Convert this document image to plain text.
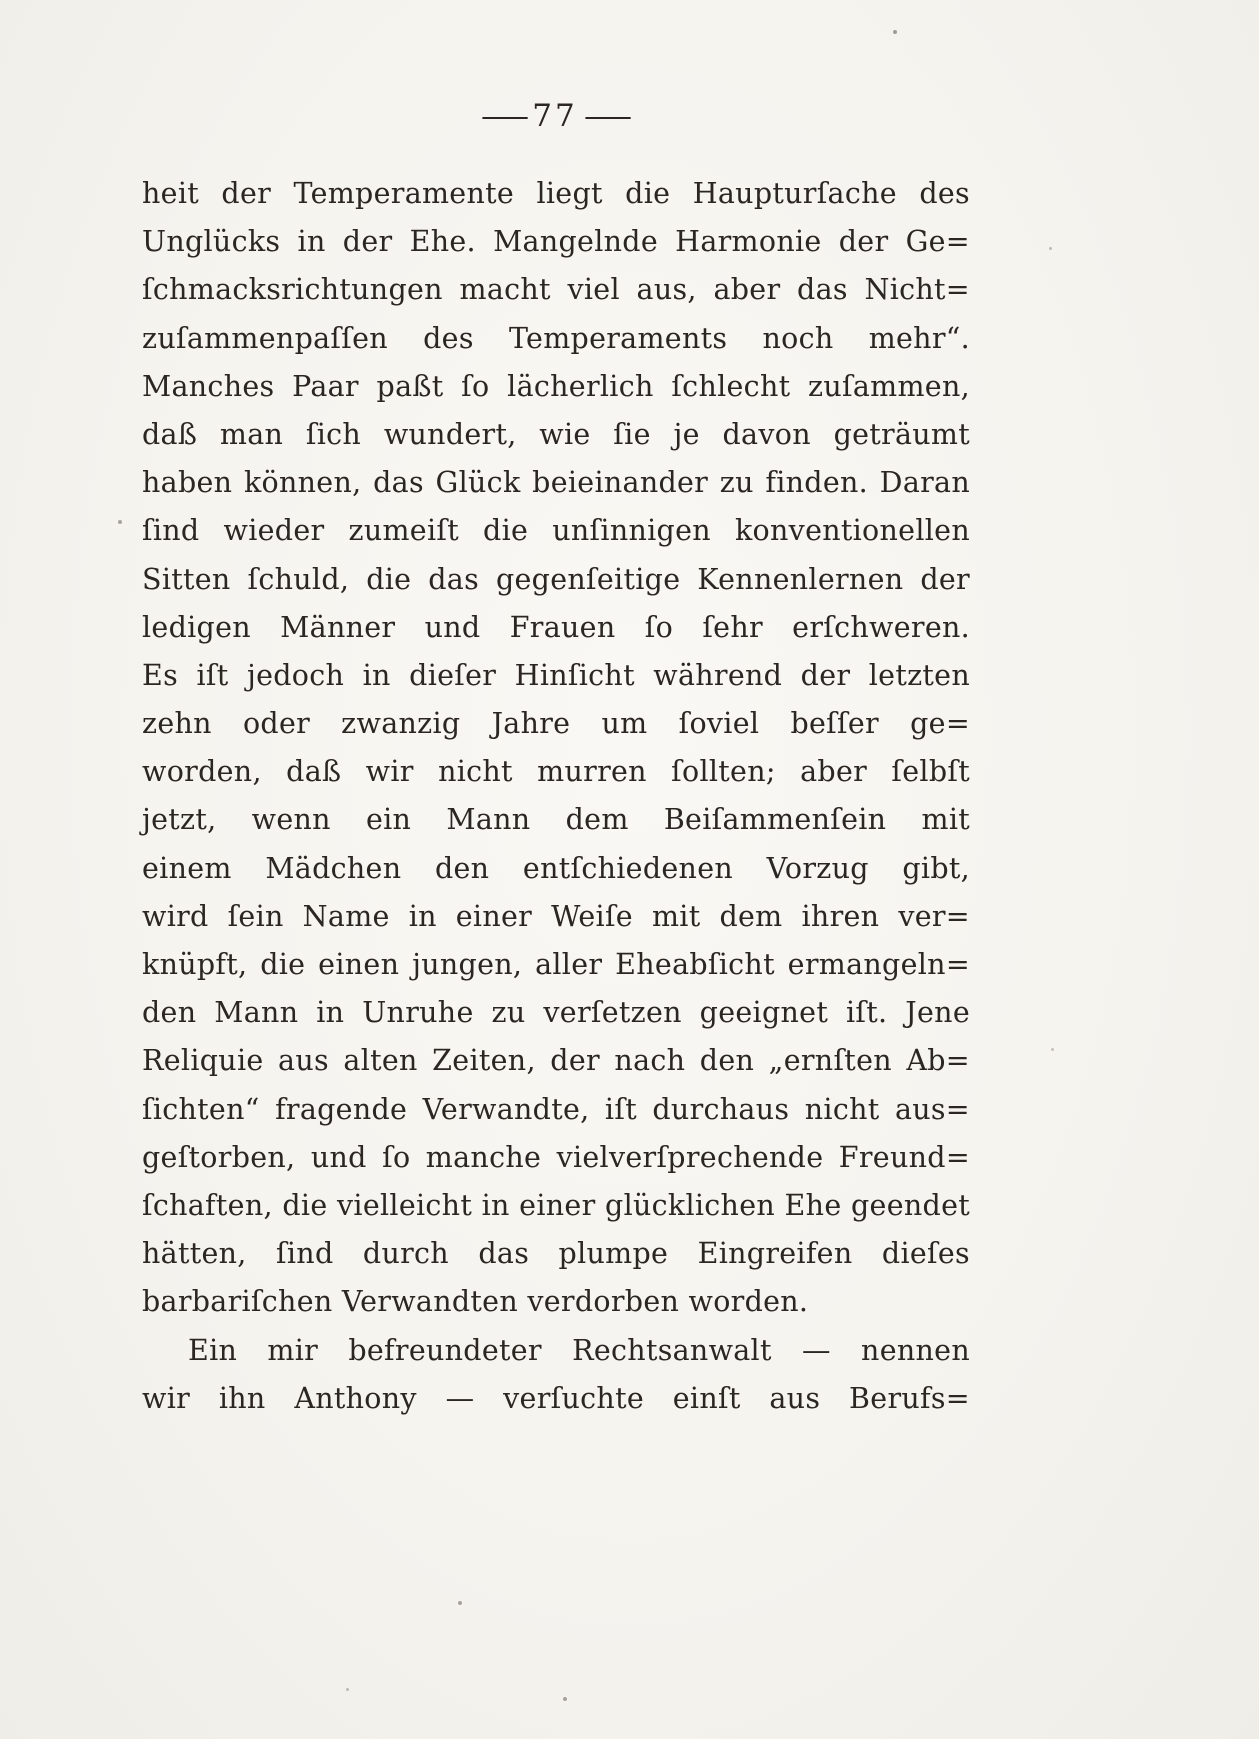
— 77 —
heit der Temperamente liegt die Haupturſache des
Unglücks in der Ehe. Mangelnde Harmonie der Ge=
ſchmacksrichtungen macht viel aus, aber das Nicht=
zuſammenpaſſen des Temperaments noch mehr“.
Manches Paar paßt ſo lächerlich ſchlecht zuſammen,
daß man ſich wundert, wie ſie je davon geträumt
haben können, das Glück beieinander zu finden. Daran
ſind wieder zumeiſt die unſinnigen konventionellen
Sitten ſchuld, die das gegenſeitige Kennenlernen der
ledigen Männer und Frauen ſo ſehr erſchweren.
Es iſt jedoch in dieſer Hinſicht während der letzten
zehn oder zwanzig Jahre um ſoviel beſſer ge=
worden, daß wir nicht murren ſollten; aber ſelbſt
jetzt, wenn ein Mann dem Beiſammenſein mit
einem Mädchen den entſchiedenen Vorzug gibt,
wird ſein Name in einer Weiſe mit dem ihren ver=
knüpft, die einen jungen, aller Eheabſicht ermangeln=
den Mann in Unruhe zu verſetzen geeignet iſt. Jene
Reliquie aus alten Zeiten, der nach den „ernſten Ab=
ſichten“ fragende Verwandte, iſt durchaus nicht aus=
geſtorben, und ſo manche vielverſprechende Freund=
ſchaften, die vielleicht in einer glücklichen Ehe geendet
hätten, ſind durch das plumpe Eingreifen dieſes
barbariſchen Verwandten verdorben worden.
Ein mir befreundeter Rechtsanwalt — nennen
wir ihn Anthony — verſuchte einſt aus Berufs=
